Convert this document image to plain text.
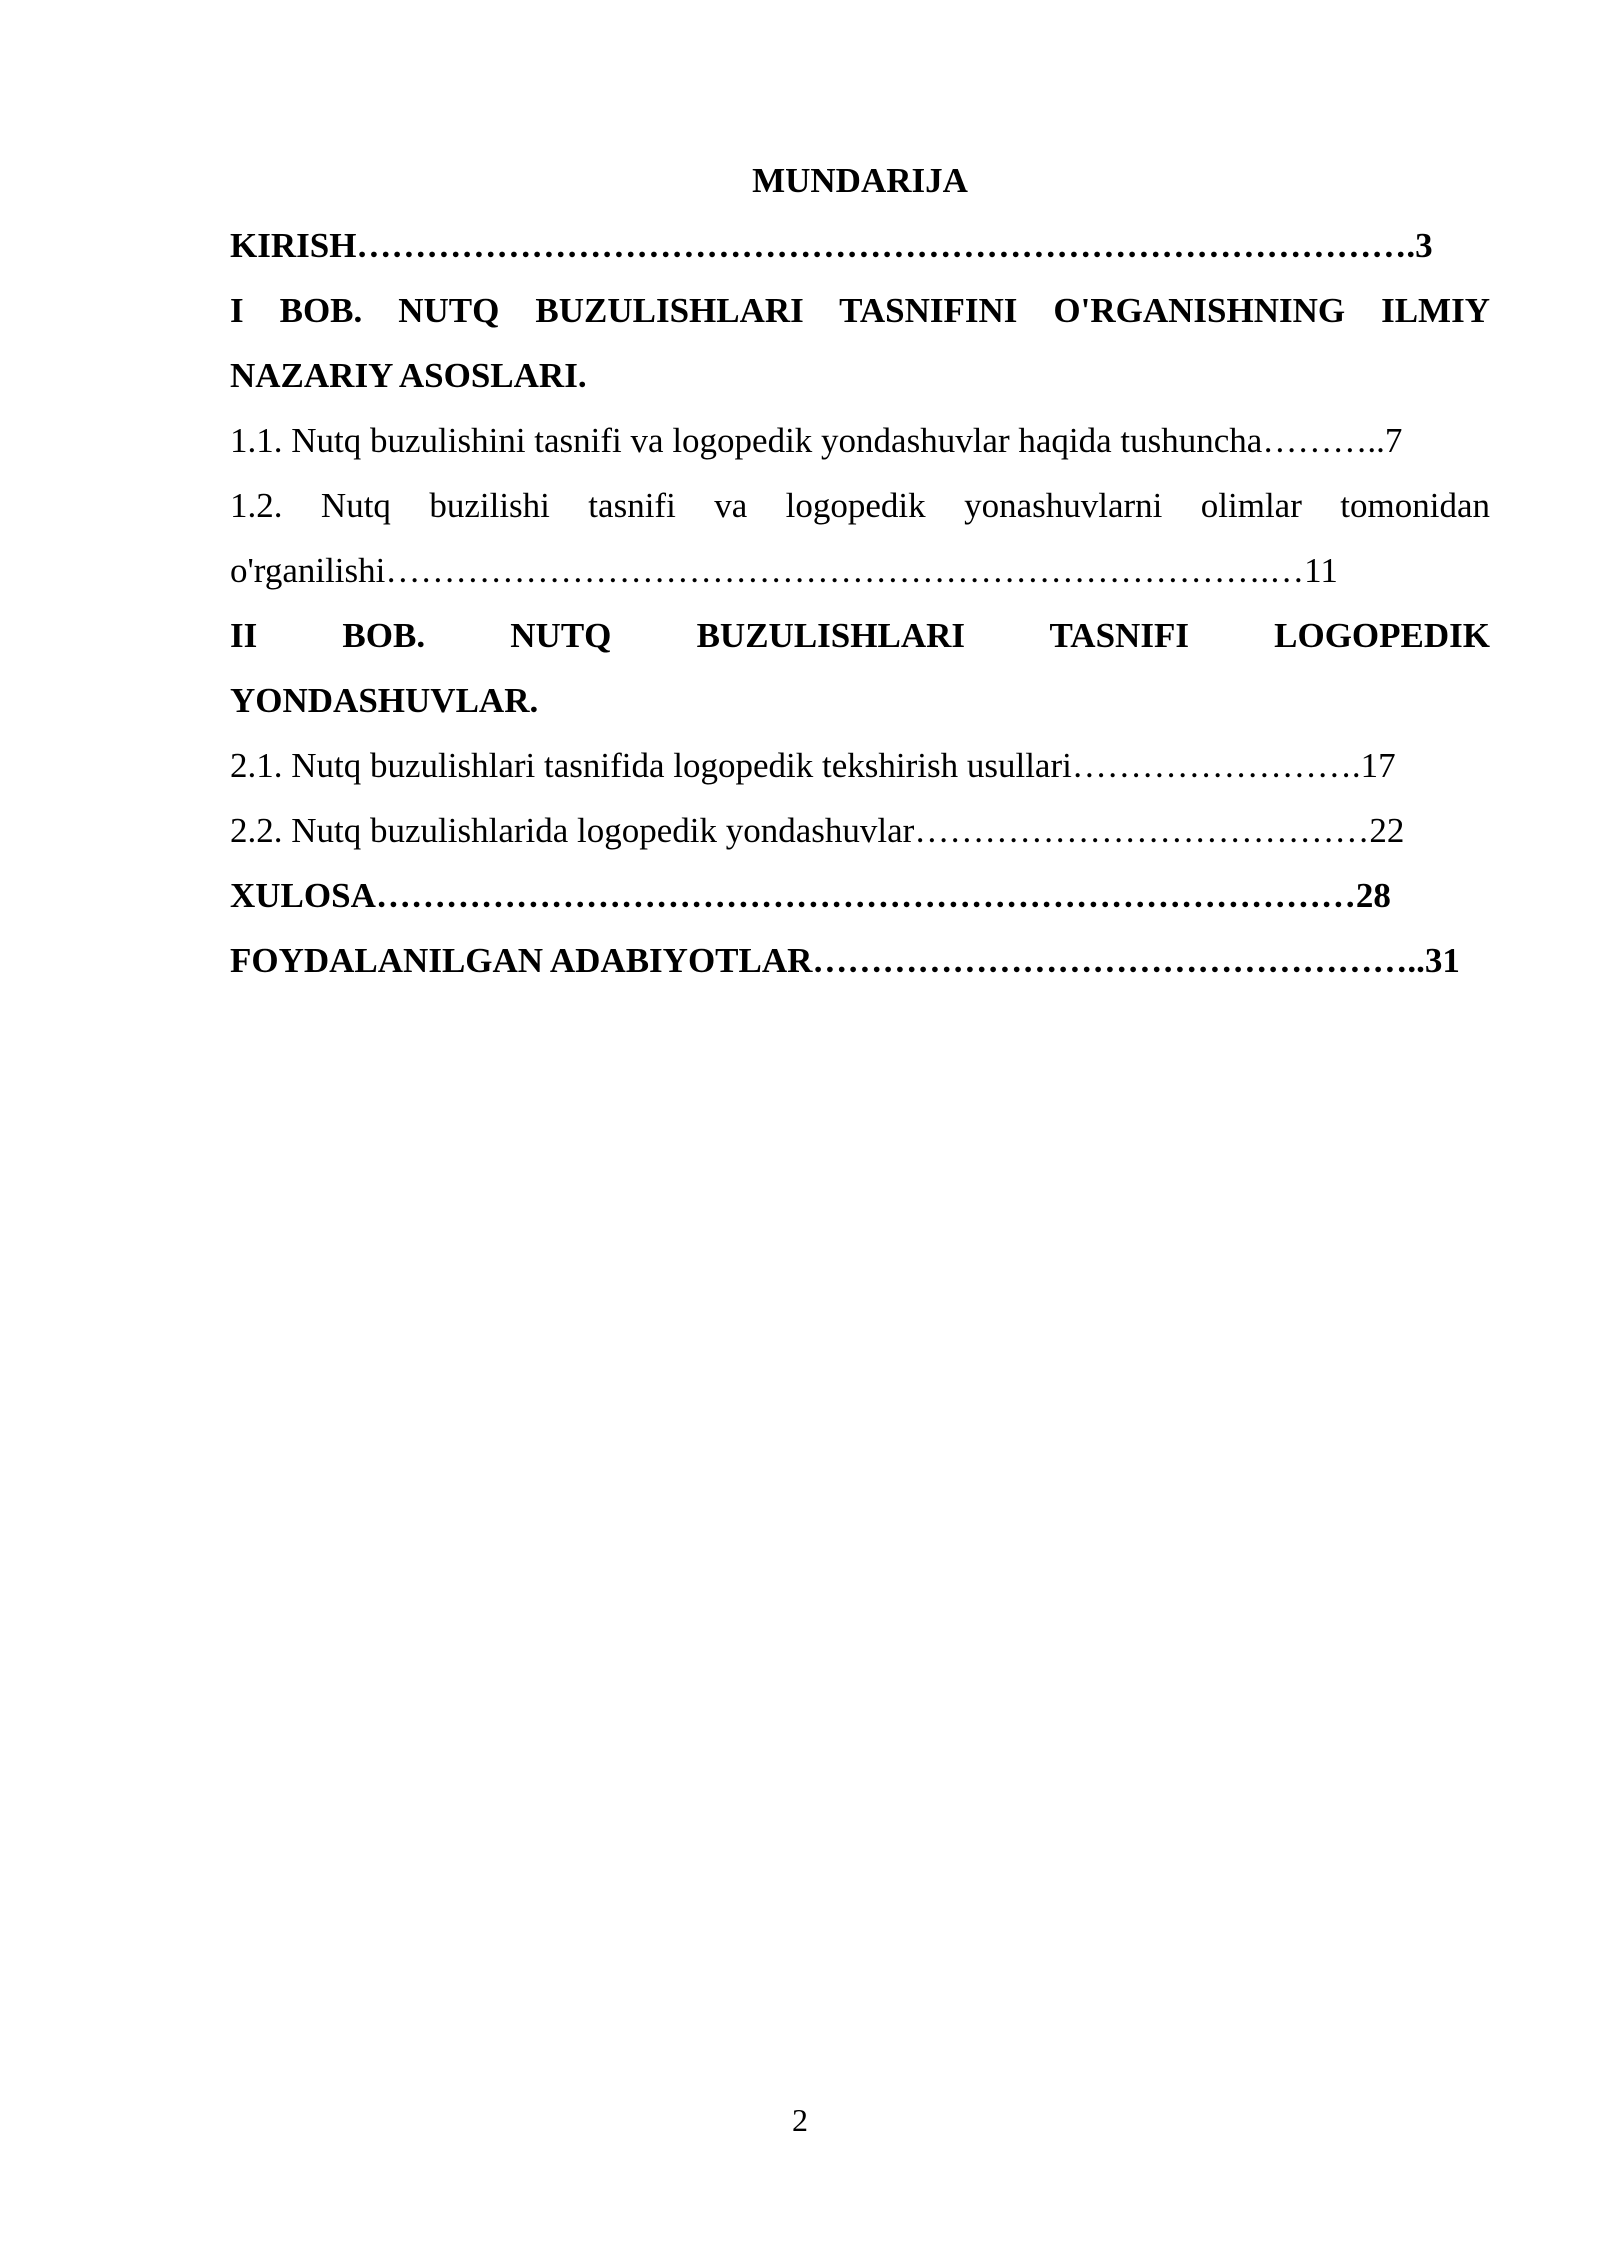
MUNDARIJA
KIRISH……………………………………………………………………………….3
I BOB. NUTQ BUZULISHLARI TASNIFINI O'RGANISHNING ILMIY
NAZARIY ASOSLARI.
1.1. Nutq buzulishini tasnifi va logopedik yondashuvlar haqida tushuncha………..7
1.2. Nutq buzilishi tasnifi va logopedik yonashuvlarni olimlar tomonidan
o'rganilishi………………………………………………………………….…11
II BOB. NUTQ BUZULISHLARI TASNIFI LOGOPEDIK
YONDASHUVLAR.
2.1. Nutq buzulishlari tasnifida logopedik tekshirish usullari…………………….17
2.2. Nutq buzulishlarida logopedik yondashuvlar…………………………………22
XULOSA…………………………………………………………………………28
FOYDALANILGAN ADABIYOTLAR……………………………………………..31
2
